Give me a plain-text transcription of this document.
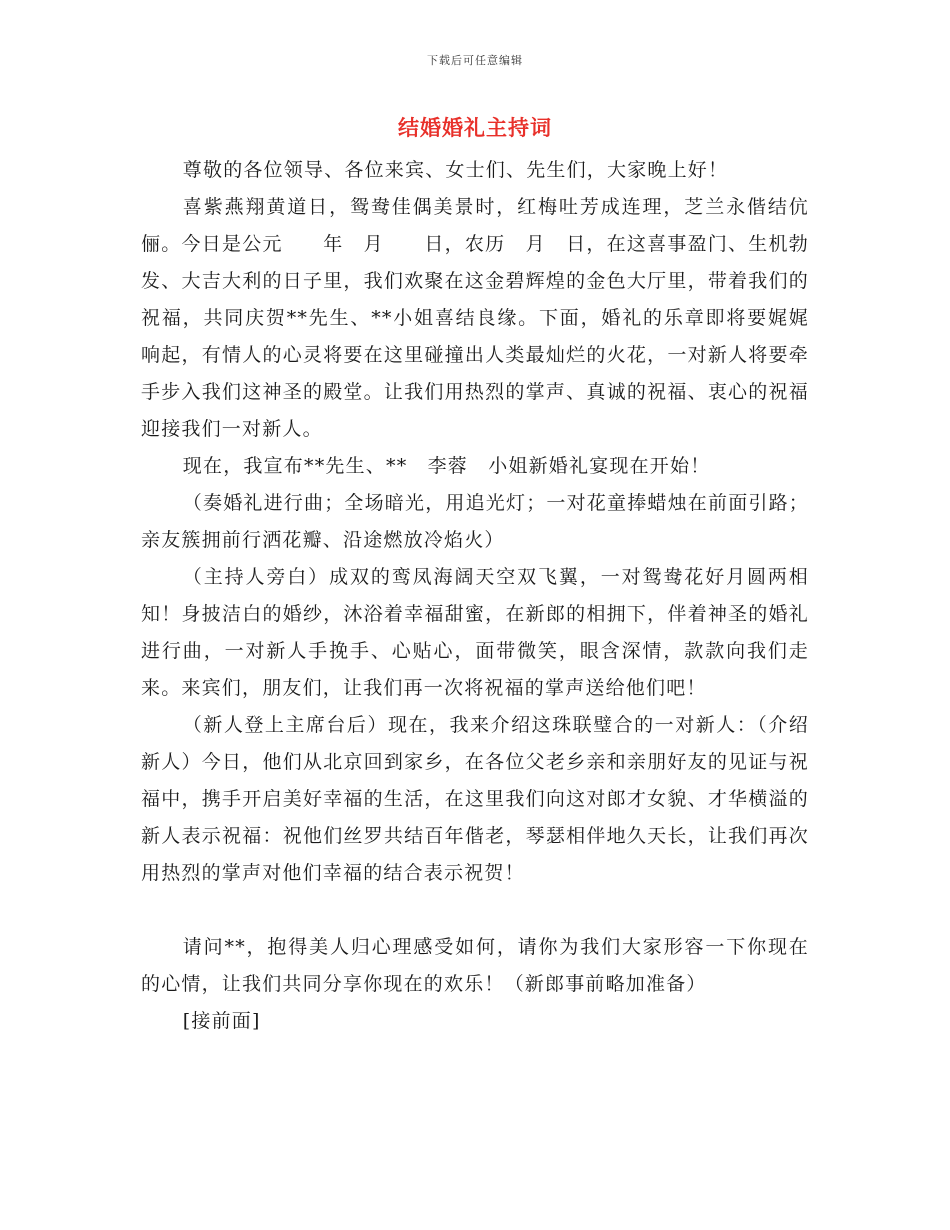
下载后可任意编辑
结婚婚礼主持词

尊敬的各位领导、各位来宾、女士们、先生们，大家晚上好！

喜紫燕翔黄道日，鸳鸯佳偶美景时，红梅吐芳成连理，芝兰永偕结伉俪。今日是公元　　年　月　　日，农历　月　日，在这喜事盈门、生机勃发、大吉大利的日子里，我们欢聚在这金碧辉煌的金色大厅里，带着我们的祝福，共同庆贺**先生、**小姐喜结良缘。下面，婚礼的乐章即将要娓娓响起，有情人的心灵将要在这里碰撞出人类最灿烂的火花，一对新人将要牵手步入我们这神圣的殿堂。让我们用热烈的掌声、真诚的祝福、衷心的祝福迎接我们一对新人。

现在，我宣布**先生、**　李蓉　小姐新婚礼宴现在开始！

（奏婚礼进行曲；全场暗光，用追光灯；一对花童捧蜡烛在前面引路；亲友簇拥前行洒花瓣、沿途燃放冷焰火）

（主持人旁白）成双的鸾凤海阔天空双飞翼，一对鸳鸯花好月圆两相知！身披洁白的婚纱，沐浴着幸福甜蜜，在新郎的相拥下，伴着神圣的婚礼进行曲，一对新人手挽手、心贴心，面带微笑，眼含深情，款款向我们走来。来宾们，朋友们，让我们再一次将祝福的掌声送给他们吧！

（新人登上主席台后）现在，我来介绍这珠联璧合的一对新人：（介绍新人）今日，他们从北京回到家乡，在各位父老乡亲和亲朋好友的见证与祝福中，携手开启美好幸福的生活，在这里我们向这对郎才女貌、才华横溢的新人表示祝福：祝他们丝罗共结百年偕老，琴瑟相伴地久天长，让我们再次用热烈的掌声对他们幸福的结合表示祝贺！

请问**，抱得美人归心理感受如何，请你为我们大家形容一下你现在的心情，让我们共同分享你现在的欢乐！（新郎事前略加准备）

[接前面]
